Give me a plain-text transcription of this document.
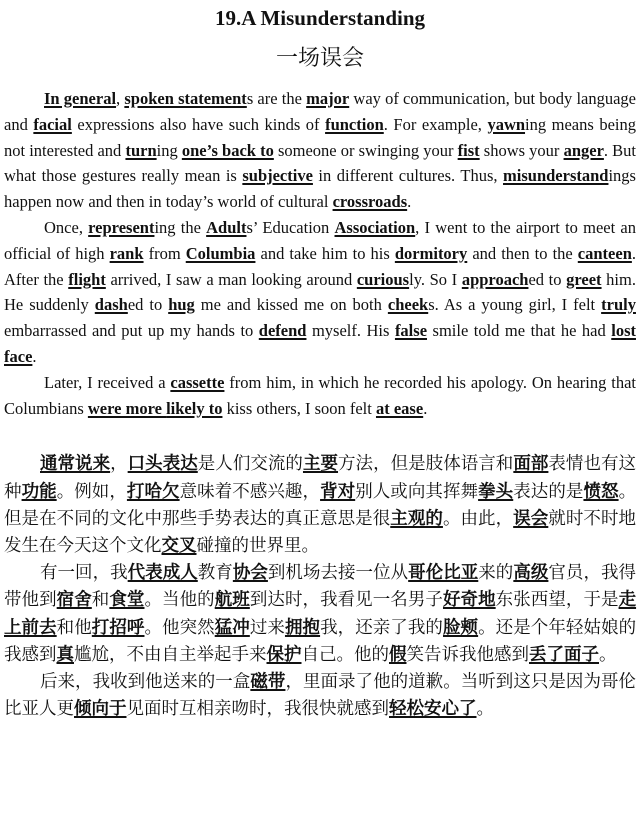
19.A Misunderstanding
一场误会

In general, spoken statements are the major way of communication, but body language and facial expressions also have such kinds of function. For example, yawning means being not interested and turning one’s back to someone or swinging your fist shows your anger. But what those gestures really mean is subjective in different cultures. Thus, misunderstandings happen now and then in today’s world of cultural crossroads.

Once, representing the Adults’ Education Association, I went to the airport to meet an official of high rank from Columbia and take him to his dormitory and then to the canteen. After the flight arrived, I saw a man looking around curiously. So I approached to greet him. He suddenly dashed to hug me and kissed me on both cheeks. As a young girl, I felt truly embarrassed and put up my hands to defend myself. His false smile told me that he had lost face.

Later, I received a cassette from him, in which he recorded his apology. On hearing that Columbians were more likely to kiss others, I soon felt at ease.

通常说来，口头表达是人们交流的主要方法，但是肢体语言和面部表情也有这种功能。例如，打哈欠意味着不感兴趣，背对别人或向其挥舞拳头表达的是愤怒。但是在不同的文化中那些手势表达的真正意思是很主观的。由此，误会就时不时地发生在今天这个文化交叉碰撞的世界里。

有一回，我代表成人教育协会到机场去接一位从哥伦比亚来的高级官员，我得带他到宿舍和食堂。当他的航班到达时，我看见一名男子好奇地东张西望，于是走上前去和他打招呼。他突然猛冲过来拥抱我，还亲了我的脸颊。还是个年轻姑娘的我感到真尴尬，不由自主举起手来保护自己。他的假笑告诉我他感到丢了面子。

后来，我收到他送来的一盒磁带，里面录了他的道歉。当听到这只是因为哥伦比亚人更倾向于见面时互相亲吻时，我很快就感到轻松安心了。
